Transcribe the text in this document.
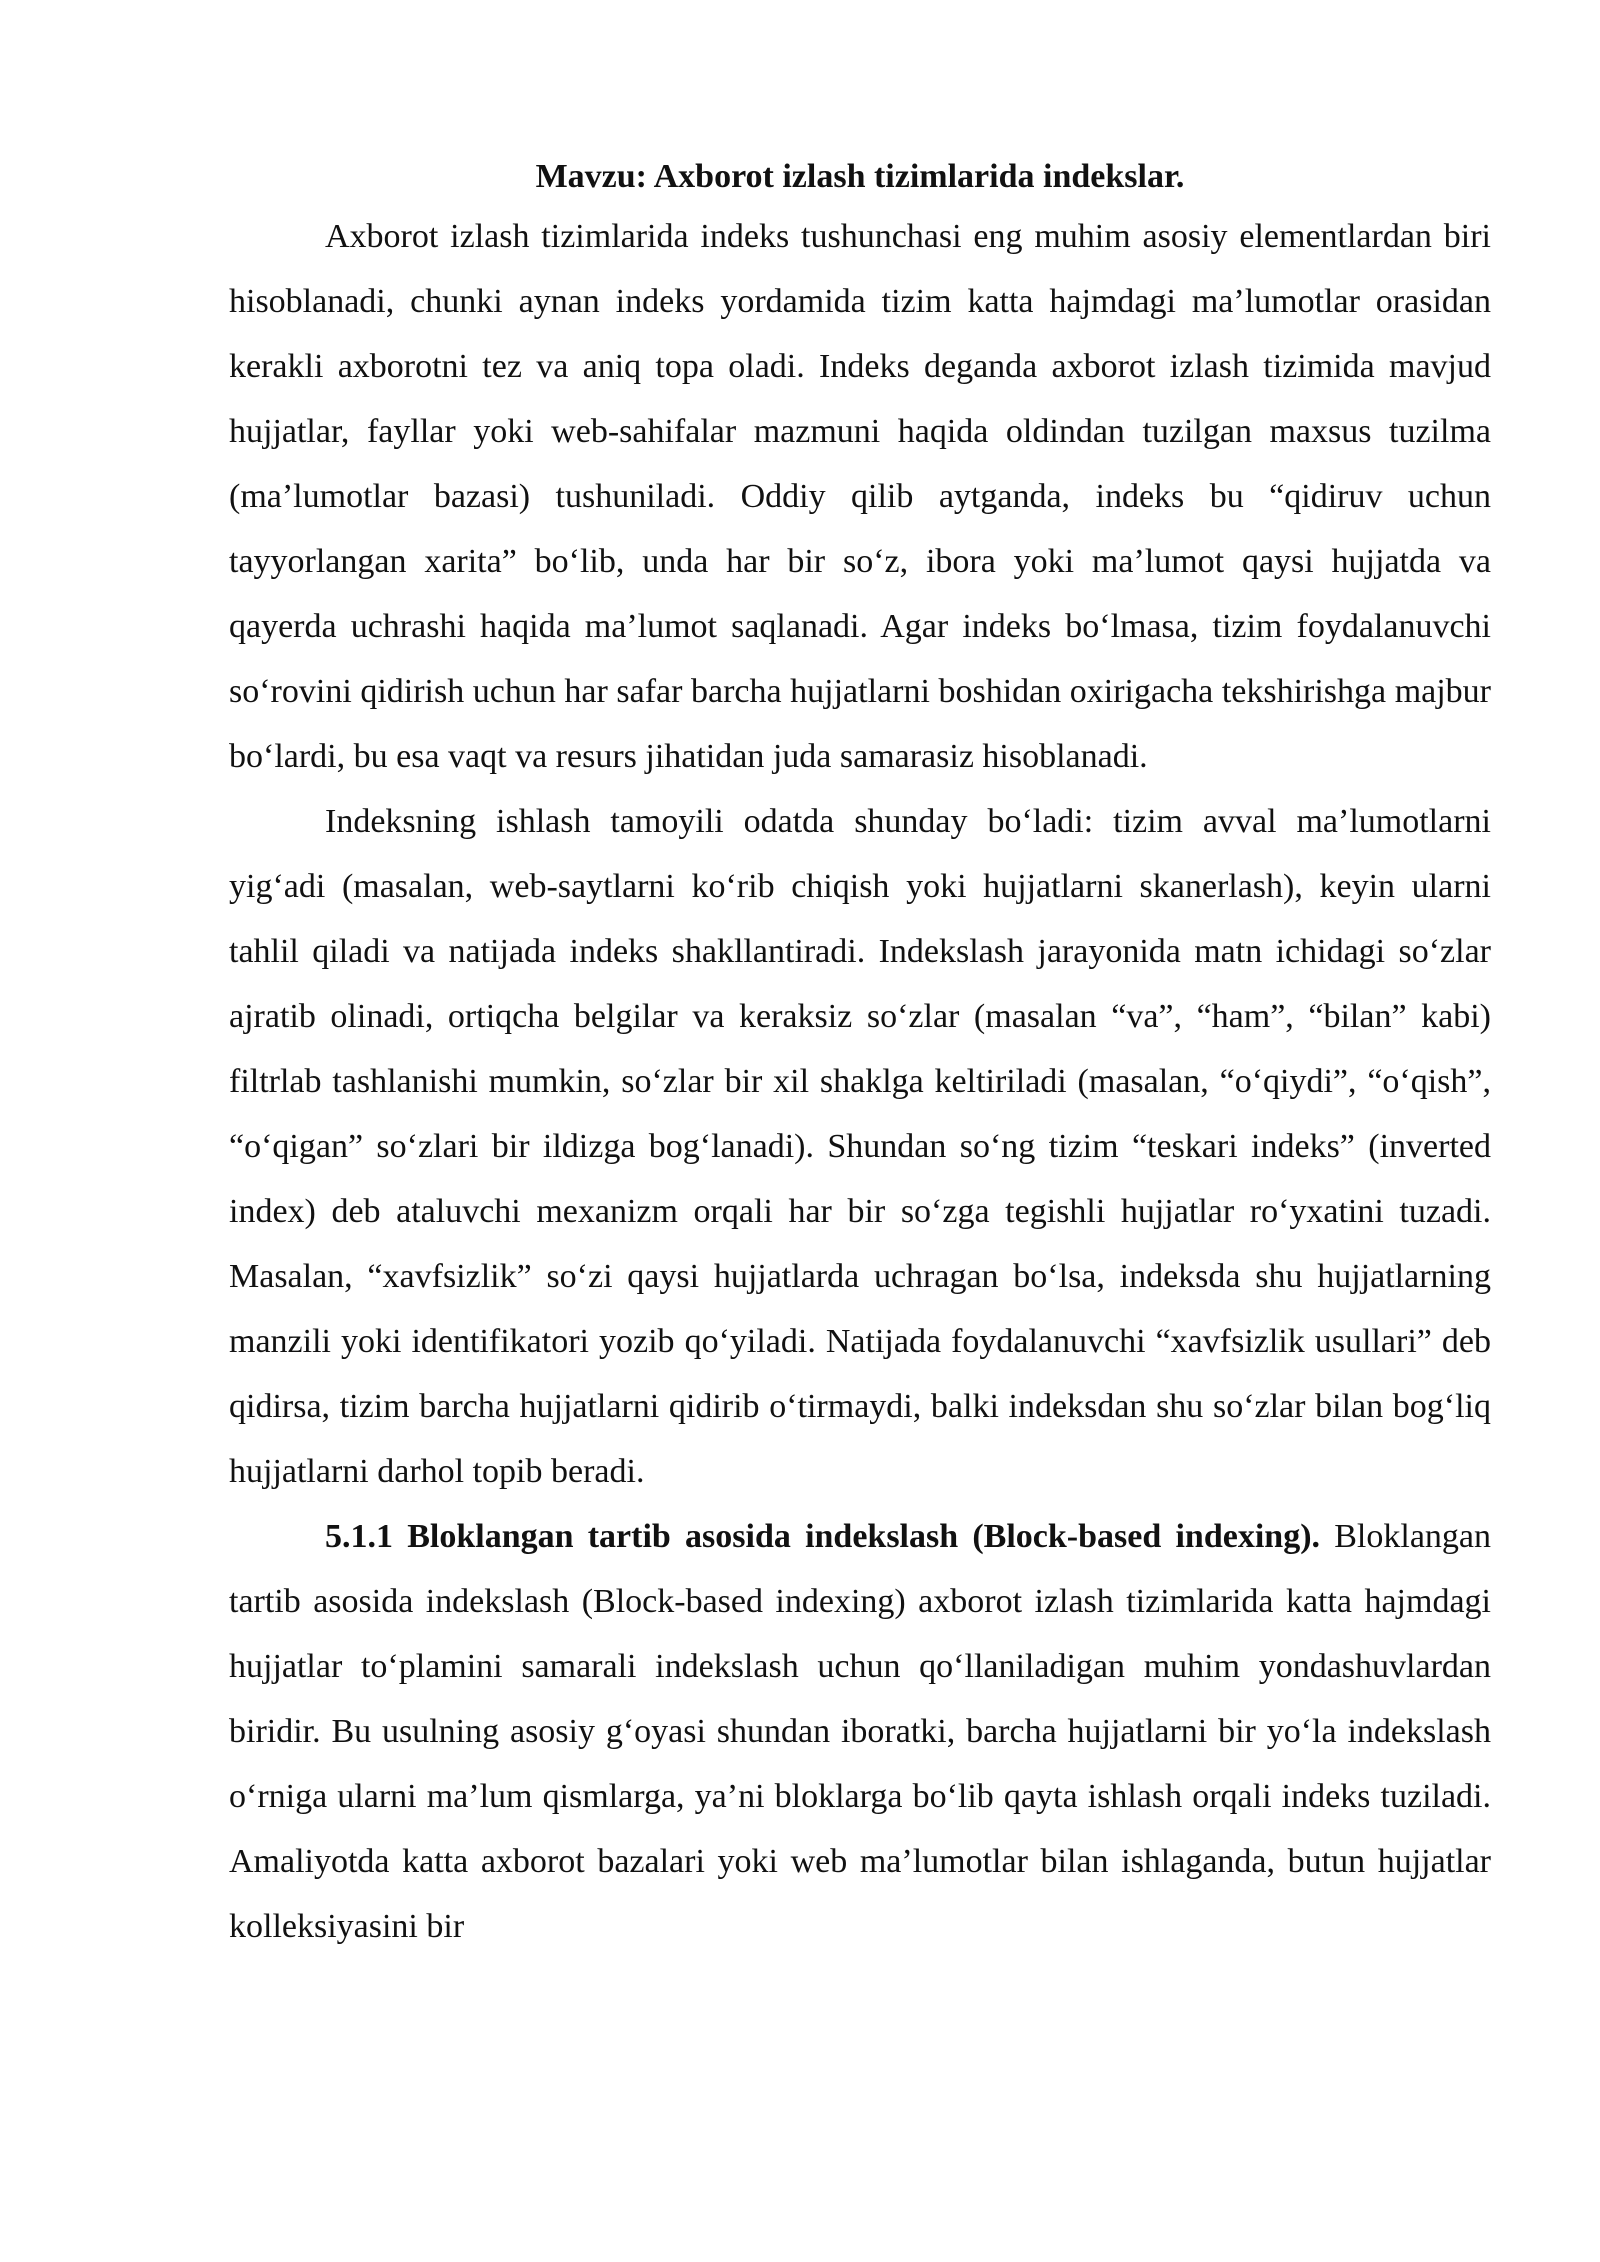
Mavzu: Axborot izlash tizimlarida indekslar.

Axborot izlash tizimlarida indeks tushunchasi eng muhim asosiy elementlardan biri hisoblanadi, chunki aynan indeks yordamida tizim katta hajmdagi ma’lumotlar orasidan kerakli axborotni tez va aniq topa oladi. Indeks deganda axborot izlash tizimida mavjud hujjatlar, fayllar yoki web-sahifalar mazmuni haqida oldindan tuzilgan maxsus tuzilma (ma’lumotlar bazasi) tushuniladi. Oddiy qilib aytganda, indeks bu “qidiruv uchun tayyorlangan xarita” bo‘lib, unda har bir so‘z, ibora yoki ma’lumot qaysi hujjatda va qayerda uchrashi haqida ma’lumot saqlanadi. Agar indeks bo‘lmasa, tizim foydalanuvchi so‘rovini qidirish uchun har safar barcha hujjatlarni boshidan oxirigacha tekshirishga majbur bo‘lardi, bu esa vaqt va resurs jihatidan juda samarasiz hisoblanadi.

Indeksning ishlash tamoyili odatda shunday bo‘ladi: tizim avval ma’lumotlarni yig‘adi (masalan, web-saytlarni ko‘rib chiqish yoki hujjatlarni skanerlash), keyin ularni tahlil qiladi va natijada indeks shakllantiradi. Indekslash jarayonida matn ichidagi so‘zlar ajratib olinadi, ortiqcha belgilar va keraksiz so‘zlar (masalan “va”, “ham”, “bilan” kabi) filtrlab tashlanishi mumkin, so‘zlar bir xil shaklga keltiriladi (masalan, “o‘qiydi”, “o‘qish”, “o‘qigan” so‘zlari bir ildizga bog‘lanadi). Shundan so‘ng tizim “teskari indeks” (inverted index) deb ataluvchi mexanizm orqali har bir so‘zga tegishli hujjatlar ro‘yxatini tuzadi. Masalan, “xavfsizlik” so‘zi qaysi hujjatlarda uchragan bo‘lsa, indeksda shu hujjatlarning manzili yoki identifikatori yozib qo‘yiladi. Natijada foydalanuvchi “xavfsizlik usullari” deb qidirsa, tizim barcha hujjatlarni qidirib o‘tirmaydi, balki indeksdan shu so‘zlar bilan bog‘liq hujjatlarni darhol topib beradi.

5.1.1 Bloklangan tartib asosida indekslash (Block-based indexing). Bloklangan tartib asosida indekslash (Block-based indexing) axborot izlash tizimlarida katta hajmdagi hujjatlar to‘plamini samarali indekslash uchun qo‘llaniladigan muhim yondashuvlardan biridir. Bu usulning asosiy g‘oyasi shundan iboratki, barcha hujjatlarni bir yo‘la indekslash o‘rniga ularni ma’lum qismlarga, ya’ni bloklarga bo‘lib qayta ishlash orqali indeks tuziladi. Amaliyotda katta axborot bazalari yoki web ma’lumotlar bilan ishlaganda, butun hujjatlar kolleksiyasini bir
